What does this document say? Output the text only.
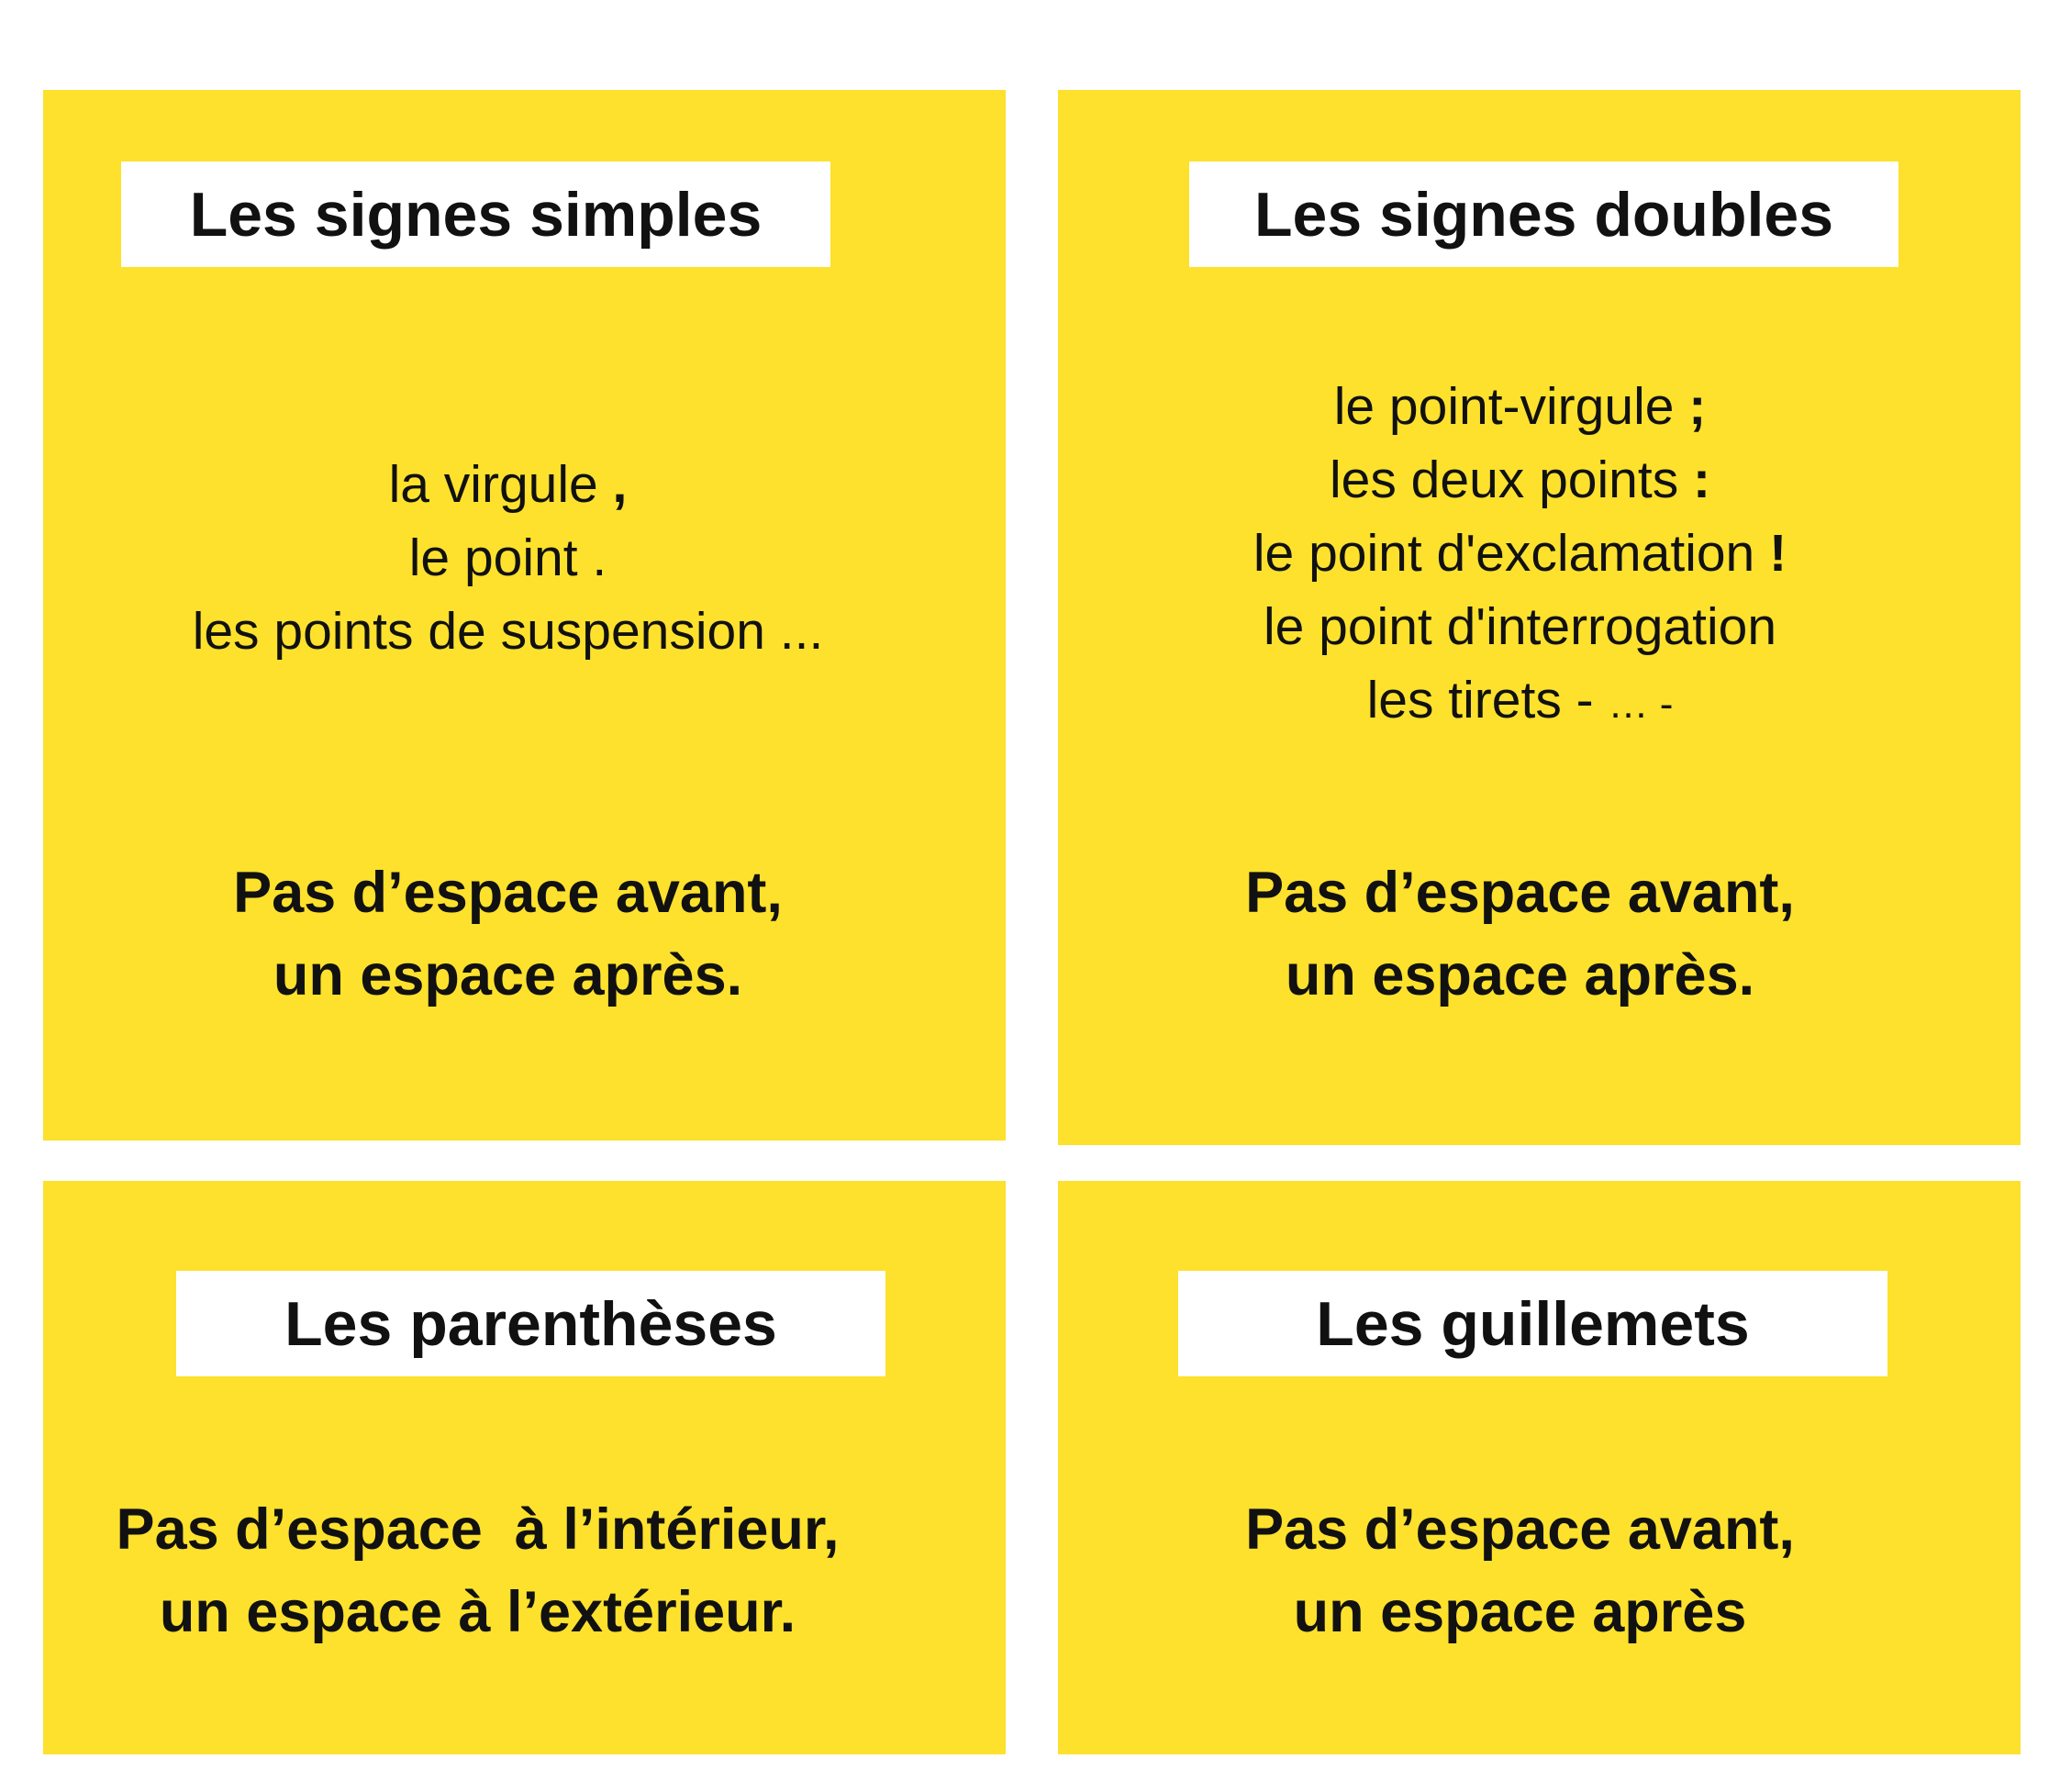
Les signes simples
la virgule ,
le point .
les points de suspension ...

Pas d’espace avant,
un espace après.

Les signes doubles
le point-virgule ;
les deux points :
le point d'exclamation !
le point d'interrogation
les tirets - … -

Pas d’espace avant,
un espace après.

Les parenthèses

Pas d’espace  à l’intérieur,
un espace à l’extérieur.

Les guillemets

Pas d’espace avant,
un espace après
